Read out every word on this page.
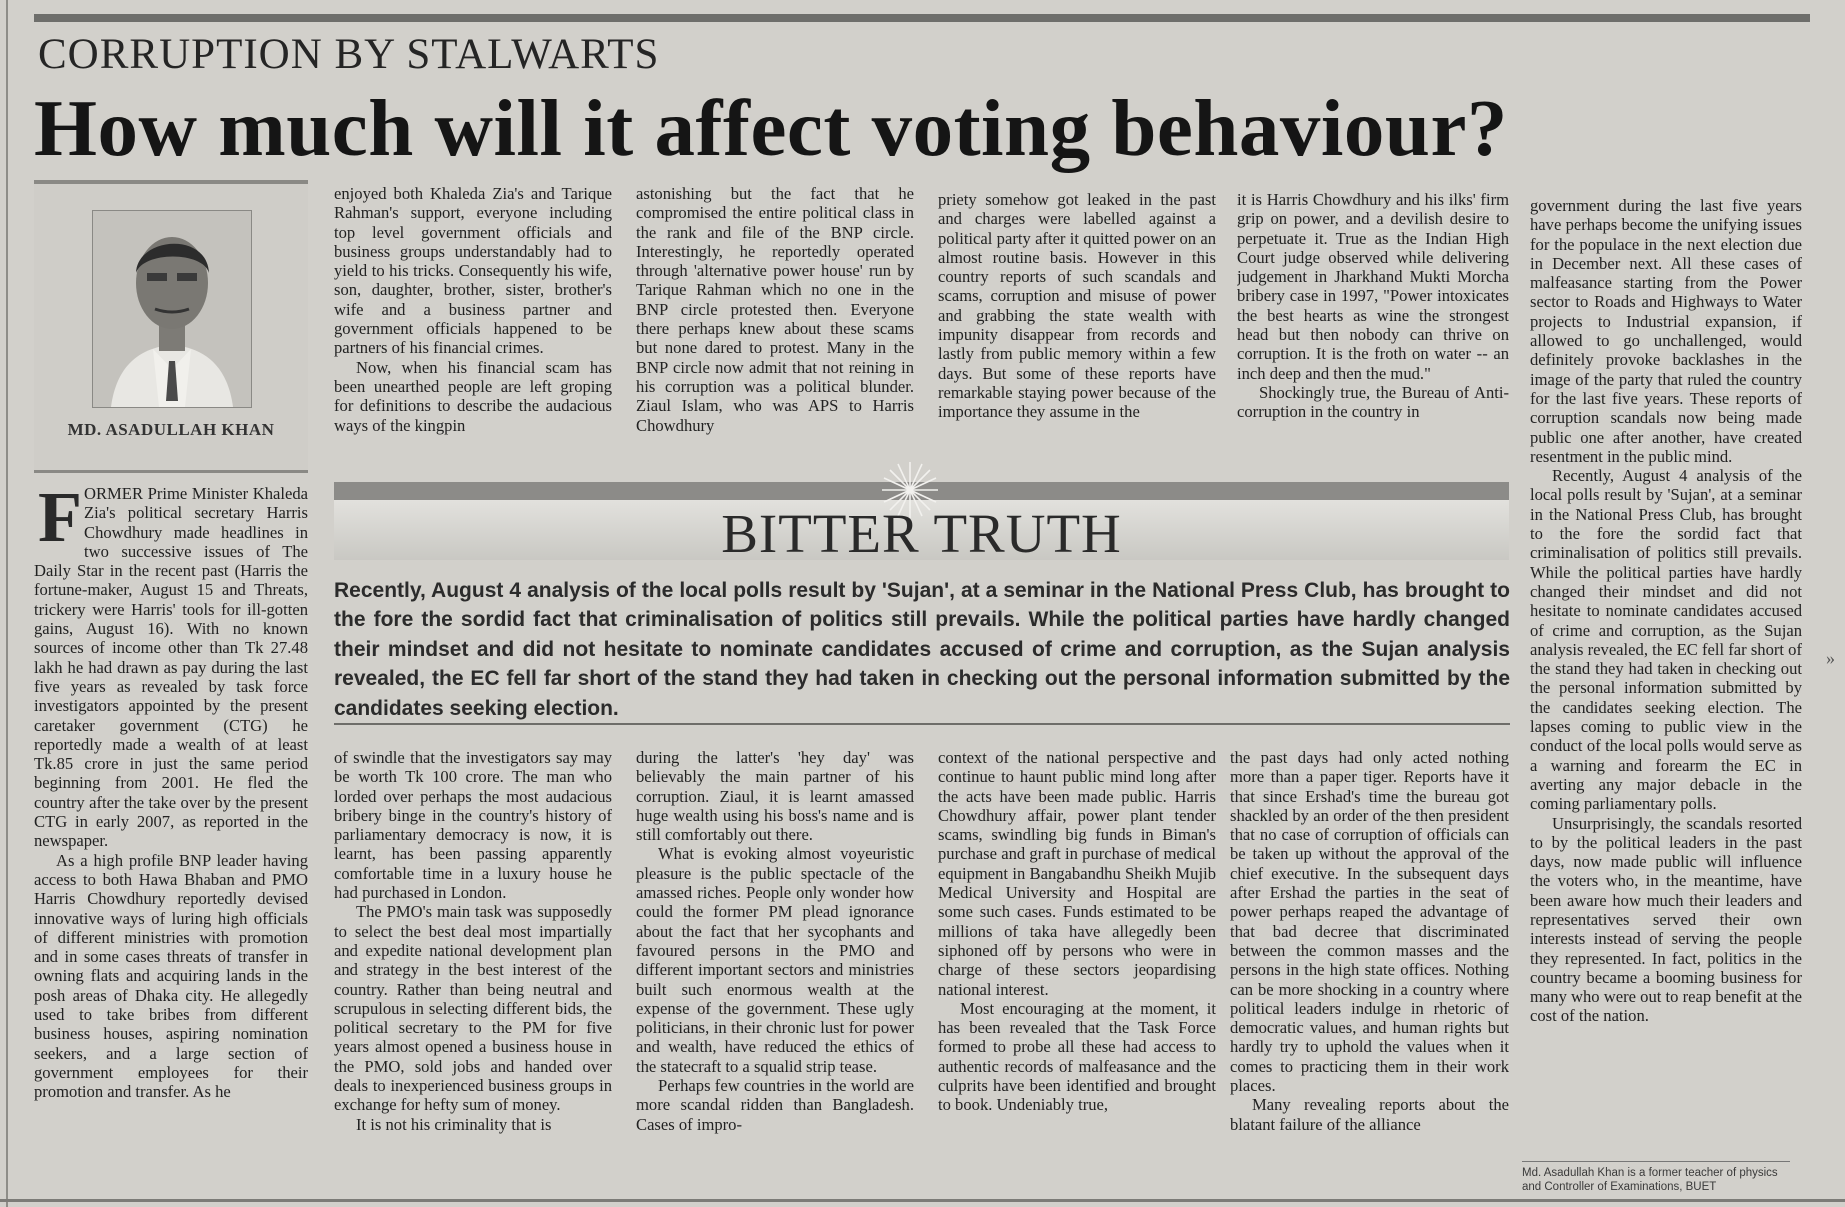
CORRUPTION BY STALWARTS
How much will it affect voting behaviour?
MD. ASADULLAH KHAN
F ORMER Prime Minister Khaleda Zia's political secretary Harris Chowdhury made headlines in two successive issues of The Daily Star in the recent past (Harris the fortune-maker, August 15 and Threats, trickery were Harris' tools for ill-gotten gains, August 16). With no known sources of income other than Tk 27.48 lakh he had drawn as pay during the last five years as revealed by task force investigators appointed by the present caretaker government (CTG) he reportedly made a wealth of at least Tk.85 crore in just the same period beginning from 2001. He fled the country after the take over by the present CTG in early 2007, as reported in the newspaper.

As a high profile BNP leader having access to both Hawa Bhaban and PMO Harris Chowdhury reportedly devised innovative ways of luring high officials of different ministries with promotion and in some cases threats of transfer in owning flats and acquiring lands in the posh areas of Dhaka city. He allegedly used to take bribes from different business houses, aspiring nomination seekers, and a large section of government employees for their promotion and transfer. As he

enjoyed both Khaleda Zia's and Tarique Rahman's support, everyone including top level government officials and business groups understandably had to yield to his tricks. Consequently his wife, son, daughter, brother, sister, brother's wife and a business partner and government officials happened to be partners of his financial crimes.

Now, when his financial scam has been unearthed people are left groping for definitions to describe the audacious ways of the kingpin

astonishing but the fact that he compromised the entire political class in the rank and file of the BNP circle. Interestingly, he reportedly operated through 'alternative power house' run by Tarique Rahman which no one in the BNP circle protested then. Everyone there perhaps knew about these scams but none dared to protest. Many in the BNP circle now admit that not reining in his corruption was a political blunder. Ziaul Islam, who was APS to Harris Chowdhury

priety somehow got leaked in the past and charges were labelled against a political party after it quitted power on an almost routine basis. However in this country reports of such scandals and scams, corruption and misuse of power and grabbing the state wealth with impunity disappear from records and lastly from public memory within a few days. But some of these reports have remarkable staying power because of the importance they assume in the

it is Harris Chowdhury and his ilks' firm grip on power, and a devilish desire to perpetuate it. True as the Indian High Court judge observed while delivering judgement in Jharkhand Mukti Morcha bribery case in 1997, "Power intoxicates the best hearts as wine the strongest head but then nobody can thrive on corruption. It is the froth on water -- an inch deep and then the mud."

Shockingly true, the Bureau of Anti-corruption in the country in

government during the last five years have perhaps become the unifying issues for the populace in the next election due in December next. All these cases of malfeasance starting from the Power sector to Roads and Highways to Water projects to Industrial expansion, if allowed to go unchallenged, would definitely provoke backlashes in the image of the party that ruled the country for the last five years. These reports of corruption scandals now being made public one after another, have created resentment in the public mind.

Recently, August 4 analysis of the local polls result by 'Sujan', at a seminar in the National Press Club, has brought to the fore the sordid fact that criminalisation of politics still prevails. While the political parties have hardly changed their mindset and did not hesitate to nominate candidates accused of crime and corruption, as the Sujan analysis revealed, the EC fell far short of the stand they had taken in checking out the personal information submitted by the candidates seeking election. The lapses coming to public view in the conduct of the local polls would serve as a warning and forearm the EC in averting any major debacle in the coming parliamentary polls.

Unsurprisingly, the scandals resorted to by the political leaders in the past days, now made public will influence the voters who, in the meantime, have been aware how much their leaders and representatives served their own interests instead of serving the people they represented. In fact, politics in the country became a booming business for many who were out to reap benefit at the cost of the nation.

BITTER TRUTH
Recently, August 4 analysis of the local polls result by 'Sujan', at a seminar in the National Press Club, has brought to the fore the sordid fact that criminalisation of politics still prevails. While the political parties have hardly changed their mindset and did not hesitate to nominate candidates accused of crime and corruption, as the Sujan analysis revealed, the EC fell far short of the stand they had taken in checking out the personal information submitted by the candidates seeking election.

of swindle that the investigators say may be worth Tk 100 crore. The man who lorded over perhaps the most audacious bribery binge in the country's history of parliamentary democracy is now, it is learnt, has been passing apparently comfortable time in a luxury house he had purchased in London.

The PMO's main task was supposedly to select the best deal most impartially and expedite national development plan and strategy in the best interest of the country. Rather than being neutral and scrupulous in selecting different bids, the political secretary to the PM for five years almost opened a business house in the PMO, sold jobs and handed over deals to inexperienced business groups in exchange for hefty sum of money.

It is not his criminality that is

during the latter's 'hey day' was believably the main partner of his corruption. Ziaul, it is learnt amassed huge wealth using his boss's name and is still comfortably out there.

What is evoking almost voyeuristic pleasure is the public spectacle of the amassed riches. People only wonder how could the former PM plead ignorance about the fact that her sycophants and favoured persons in the PMO and different important sectors and ministries built such enormous wealth at the expense of the government. These ugly politicians, in their chronic lust for power and wealth, have reduced the ethics of the statecraft to a squalid strip tease.

Perhaps few countries in the world are more scandal ridden than Bangladesh. Cases of impro-

context of the national perspective and continue to haunt public mind long after the acts have been made public. Harris Chowdhury affair, power plant tender scams, swindling big funds in Biman's purchase and graft in purchase of medical equipment in Bangabandhu Sheikh Mujib Medical University and Hospital are some such cases. Funds estimated to be millions of taka have allegedly been siphoned off by persons who were in charge of these sectors jeopardising national interest.

Most encouraging at the moment, it has been revealed that the Task Force formed to probe all these had access to authentic records of malfeasance and the culprits have been identified and brought to book. Undeniably true,

the past days had only acted nothing more than a paper tiger. Reports have it that since Ershad's time the bureau got shackled by an order of the then president that no case of corruption of officials can be taken up without the approval of the chief executive. In the subsequent days after Ershad the parties in the seat of power perhaps reaped the advantage of that bad decree that discriminated between the common masses and the persons in the high state offices. Nothing can be more shocking in a country where political leaders indulge in rhetoric of democratic values, and human rights but hardly try to uphold the values when it comes to practicing them in their work places.

Many revealing reports about the blatant failure of the alliance

Md. Asadullah Khan is a former teacher of physics and Controller of Examinations, BUET
»
